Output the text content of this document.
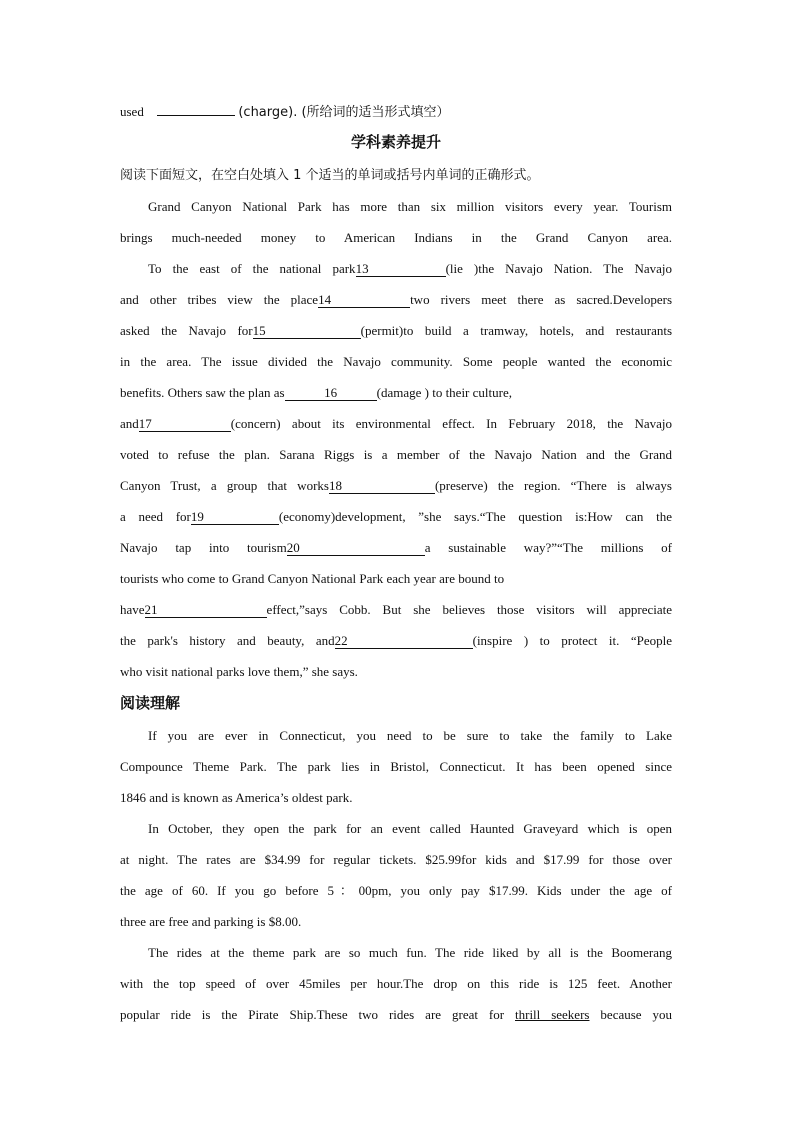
used	(charge). (所给词的适当形式填空）
学科素养提升
阅读下面短文，在空白处填入 1 个适当的单词或括号内单词的正确形式。
Grand Canyon National Park has more than six million visitors every year. Tourism
brings much-needed money to American Indians in the Grand Canyon area.
To the east of the national park13	(lie )the Navajo Nation. The Navajo
and other tribes view the place14	two rivers meet there as sacred.Developers
asked the Navajo for15	(permit)to build a tramway, hotels, and restaurants
in the area. The issue divided the Navajo community. Some people wanted the economic
benefits. Others saw the plan as	16	(damage ) to their culture,
and17	(concern) about its environmental effect. In February 2018, the Navajo
voted to refuse the plan. Sarana Riggs is a member of the Navajo Nation and the Grand
Canyon Trust, a group that works18	(preserve) the region. “There is always
a need for19	(economy)development, ”she says.“The question is:How can the
Navajo tap into tourism20	a sustainable way?”“The millions of
tourists who come to Grand Canyon National Park each year are bound to
have21	effect,”says Cobb. But she believes those visitors will appreciate
the park's history and beauty, and22	(inspire ) to protect it. “People
who visit national parks love them,” she says.
阅读理解
If you are ever in Connecticut, you need to be sure to take the family to Lake
Compounce Theme Park. The park lies in Bristol, Connecticut. It has been opened since
1846 and is known as America’s oldest park.
In October, they open the park for an event called Haunted Graveyard which is open
at night. The rates are $34.99 for regular tickets. $25.99for kids and $17.99 for those over
the age of 60. If you go before 5：00pm, you only pay $17.99. Kids under the age of
three are free and parking is $8.00.
The rides at the theme park are so much fun. The ride liked by all is the Boomerang
with the top speed of over 45miles per hour.The drop on this ride is 125 feet. Another
popular ride is the Pirate Ship.These two rides are great for thrill seekers because you
